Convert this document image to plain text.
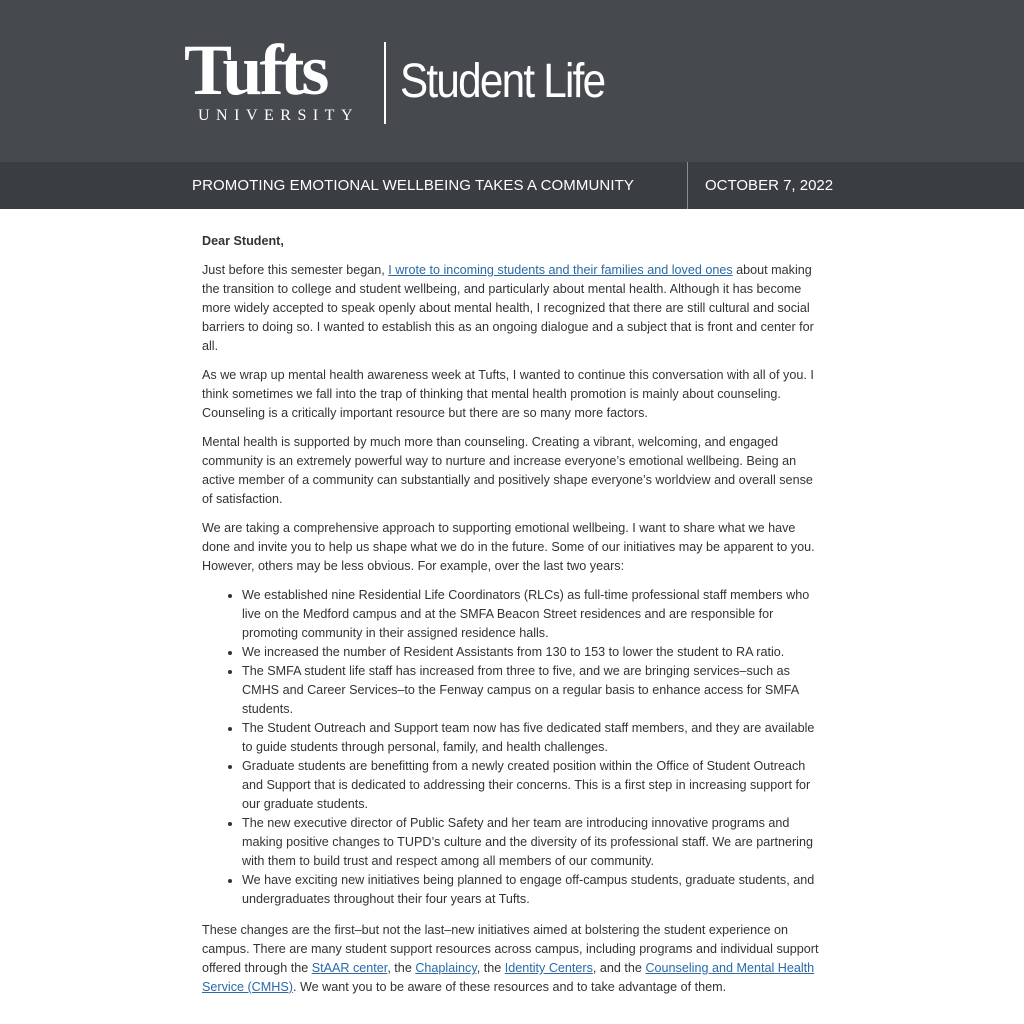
Tufts
UNIVERSITY
Student Life
PROMOTING EMOTIONAL WELLBEING TAKES A COMMUNITY	OCTOBER 7, 2022

Dear Student,

Just before this semester began, I wrote to incoming students and their families and loved ones about making the transition to college and student wellbeing, and particularly about mental health. Although it has become more widely accepted to speak openly about mental health, I recognized that there are still cultural and social barriers to doing so. I wanted to establish this as an ongoing dialogue and a subject that is front and center for all.

As we wrap up mental health awareness week at Tufts, I wanted to continue this conversation with all of you. I think sometimes we fall into the trap of thinking that mental health promotion is mainly about counseling. Counseling is a critically important resource but there are so many more factors.

Mental health is supported by much more than counseling. Creating a vibrant, welcoming, and engaged community is an extremely powerful way to nurture and increase everyone’s emotional wellbeing. Being an active member of a community can substantially and positively shape everyone’s worldview and overall sense of satisfaction.

We are taking a comprehensive approach to supporting emotional wellbeing. I want to share what we have done and invite you to help us shape what we do in the future. Some of our initiatives may be apparent to you. However, others may be less obvious. For example, over the last two years:

• We established nine Residential Life Coordinators (RLCs) as full-time professional staff members who live on the Medford campus and at the SMFA Beacon Street residences and are responsible for promoting community in their assigned residence halls.
• We increased the number of Resident Assistants from 130 to 153 to lower the student to RA ratio.
• The SMFA student life staff has increased from three to five, and we are bringing services–such as CMHS and Career Services–to the Fenway campus on a regular basis to enhance access for SMFA students.
• The Student Outreach and Support team now has five dedicated staff members, and they are available to guide students through personal, family, and health challenges.
• Graduate students are benefitting from a newly created position within the Office of Student Outreach and Support that is dedicated to addressing their concerns. This is a first step in increasing support for our graduate students.
• The new executive director of Public Safety and her team are introducing innovative programs and making positive changes to TUPD’s culture and the diversity of its professional staff. We are partnering with them to build trust and respect among all members of our community.
• We have exciting new initiatives being planned to engage off-campus students, graduate students, and undergraduates throughout their four years at Tufts.

These changes are the first–but not the last–new initiatives aimed at bolstering the student experience on campus. There are many student support resources across campus, including programs and individual support offered through the StAAR center, the Chaplaincy, the Identity Centers, and the Counseling and Mental Health Service (CMHS). We want you to be aware of these resources and to take advantage of them.
